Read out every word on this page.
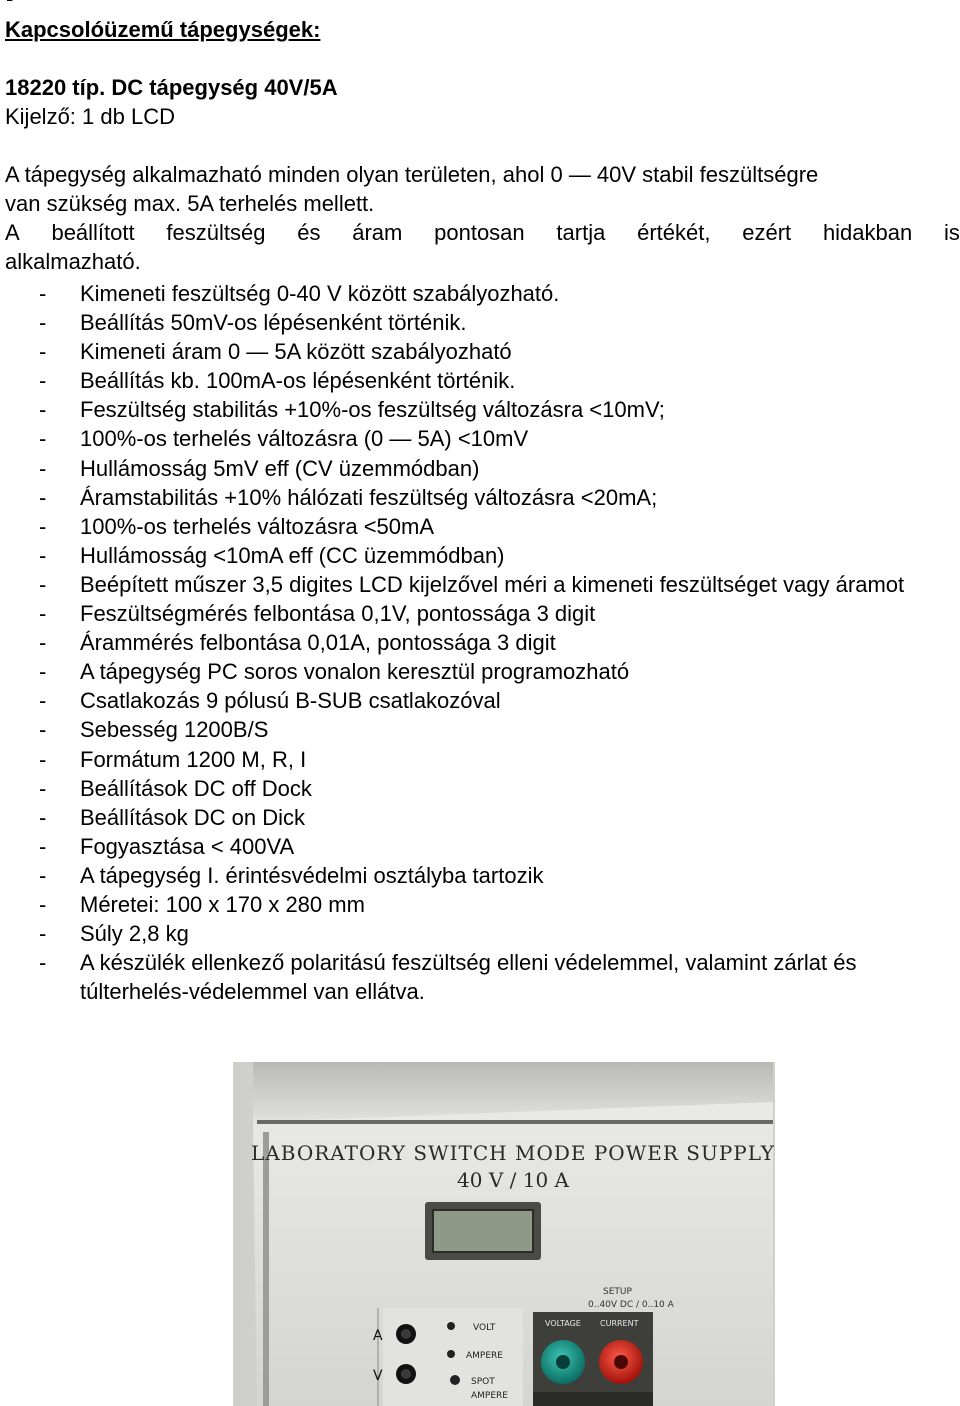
Kapcsolóüzemű tápegységek:
18220 típ. DC tápegység 40V/5A
Kijelző: 1 db LCD

A tápegység alkalmazható minden olyan területen, ahol 0 ― 40V stabil feszültségre

van szükség max. 5A terhelés mellett.

A beállított feszültség és áram pontosan tartja értékét, ezért hidakban is

alkalmazható.

-	Kimeneti feszültség 0-40 V között szabályozható.
-	Beállítás 50mV-os lépésenként történik.
-	Kimeneti áram 0 ― 5A között szabályozható
-	Beállítás kb. 100mA-os lépésenként történik.
-	Feszültség stabilitás +10%-os feszültség változásra <10mV;
-	100%-os terhelés változásra (0 ― 5A) <10mV
-	Hullámosság 5mV eff (CV üzemmódban)
-	Áramstabilitás +10% hálózati feszültség változásra <20mA;
-	100%-os terhelés változásra <50mA
-	Hullámosság <10mA eff (CC üzemmódban)
-	Beépített műszer 3,5 digites LCD kijelzővel méri a kimeneti feszültséget vagy áramot
-	Feszültségmérés felbontása 0,1V, pontossága 3 digit
-	Árammérés felbontása 0,01A, pontossága 3 digit
-	A tápegység PC soros vonalon keresztül programozható
-	Csatlakozás 9 pólusú B-SUB csatlakozóval
-	Sebesség 1200B/S
-	Formátum 1200 M, R, I
-	Beállítások DC off Dock
-	Beállítások DC on Dick
-	Fogyasztása < 400VA
-	A tápegység I. érintésvédelmi osztályba tartozik
-	Méretei: 100 x 170 x 280 mm
-	Súly 2,8 kg
-	A készülék ellenkező polaritású feszültség elleni védelemmel, valamint zárlat és túlterhelés-védelemmel van ellátva.
LABORATORY SWITCH MODE POWER SUPPLY
40 V / 10 A
SETUP
0..40V DC / 0..10 A
A
V
VOLT
AMPERE
SPOT
AMPERE
VOLTAGE CURRENT
